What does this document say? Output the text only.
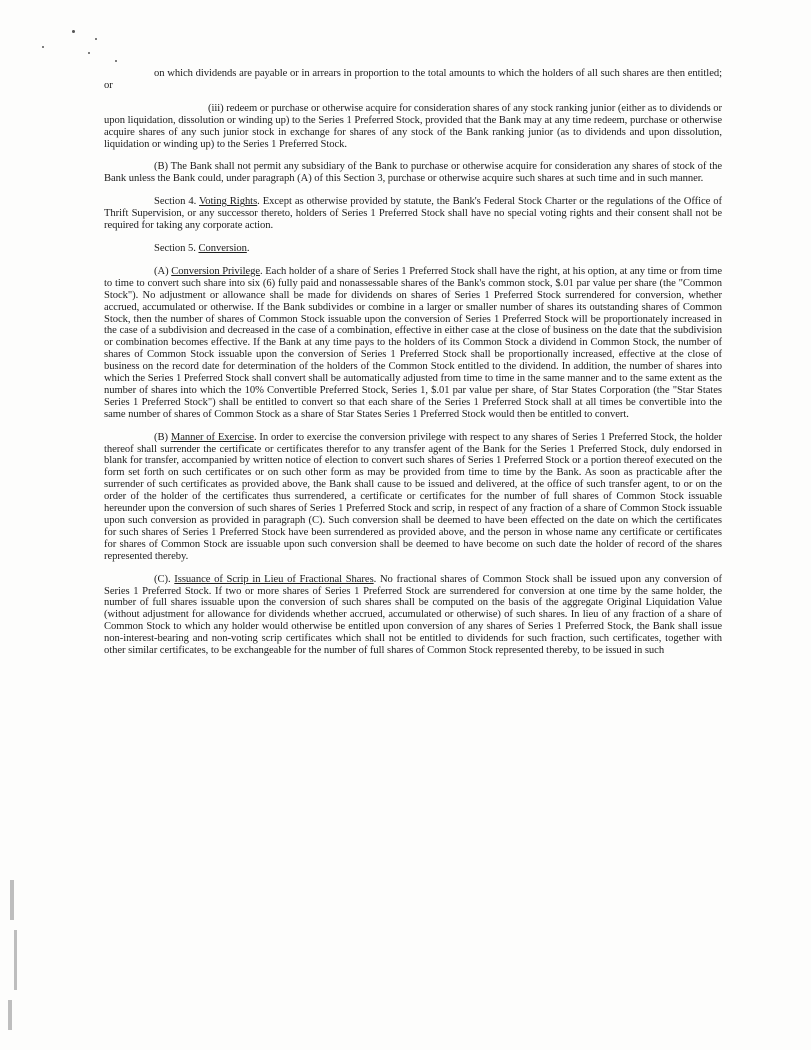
on which dividends are payable or in arrears in proportion to the total amounts to which the holders of all such shares are then entitled; or

(iii) redeem or purchase or otherwise acquire for consideration shares of any stock ranking junior (either as to dividends or upon liquidation, dissolution or winding up) to the Series 1 Preferred Stock, provided that the Bank may at any time redeem, purchase or otherwise acquire shares of any such junior stock in exchange for shares of any stock of the Bank ranking junior (as to dividends and upon dissolution, liquidation or winding up) to the Series 1 Preferred Stock.

(B) The Bank shall not permit any subsidiary of the Bank to purchase or otherwise acquire for consideration any shares of stock of the Bank unless the Bank could, under paragraph (A) of this Section 3, purchase or otherwise acquire such shares at such time and in such manner.

Section 4. Voting Rights. Except as otherwise provided by statute, the Bank's Federal Stock Charter or the regulations of the Office of Thrift Supervision, or any successor thereto, holders of Series 1 Preferred Stock shall have no special voting rights and their consent shall not be required for taking any corporate action.

Section 5. Conversion.

(A) Conversion Privilege. Each holder of a share of Series 1 Preferred Stock shall have the right, at his option, at any time or from time to time to convert such share into six (6) fully paid and nonassessable shares of the Bank's common stock, $.01 par value per share (the "Common Stock"). No adjustment or allowance shall be made for dividends on shares of Series 1 Preferred Stock surrendered for conversion, whether accrued, accumulated or otherwise. If the Bank subdivides or combine in a larger or smaller number of shares its outstanding shares of Common Stock, then the number of shares of Common Stock issuable upon the conversion of Series 1 Preferred Stock will be proportionately increased in the case of a subdivision and decreased in the case of a combination, effective in either case at the close of business on the date that the subdivision or combination becomes effective. If the Bank at any time pays to the holders of its Common Stock a dividend in Common Stock, the number of shares of Common Stock issuable upon the conversion of Series 1 Preferred Stock shall be proportionally increased, effective at the close of business on the record date for determination of the holders of the Common Stock entitled to the dividend. In addition, the number of shares into which the Series 1 Preferred Stock shall convert shall be automatically adjusted from time to time in the same manner and to the same extent as the number of shares into which the 10% Convertible Preferred Stock, Series 1, $.01 par value per share, of Star States Corporation (the "Star States Series 1 Preferred Stock") shall be entitled to convert so that each share of the Series 1 Preferred Stock shall at all times be convertible into the same number of shares of Common Stock as a share of Star States Series 1 Preferred Stock would then be entitled to convert.

(B) Manner of Exercise. In order to exercise the conversion privilege with respect to any shares of Series 1 Preferred Stock, the holder thereof shall surrender the certificate or certificates therefor to any transfer agent of the Bank for the Series 1 Preferred Stock, duly endorsed in blank for transfer, accompanied by written notice of election to convert such shares of Series 1 Preferred Stock or a portion thereof executed on the form set forth on such certificates or on such other form as may be provided from time to time by the Bank. As soon as practicable after the surrender of such certificates as provided above, the Bank shall cause to be issued and delivered, at the office of such transfer agent, to or on the order of the holder of the certificates thus surrendered, a certificate or certificates for the number of full shares of Common Stock issuable hereunder upon the conversion of such shares of Series 1 Preferred Stock and scrip, in respect of any fraction of a share of Common Stock issuable upon such conversion as provided in paragraph (C). Such conversion shall be deemed to have been effected on the date on which the certificates for such shares of Series 1 Preferred Stock have been surrendered as provided above, and the person in whose name any certificate or certificates for shares of Common Stock are issuable upon such conversion shall be deemed to have become on such date the holder of record of the shares represented thereby.

(C). Issuance of Scrip in Lieu of Fractional Shares. No fractional shares of Common Stock shall be issued upon any conversion of Series 1 Preferred Stock. If two or more shares of Series 1 Preferred Stock are surrendered for conversion at one time by the same holder, the number of full shares issuable upon the conversion of such shares shall be computed on the basis of the aggregate Original Liquidation Value (without adjustment for allowance for dividends whether accrued, accumulated or otherwise) of such shares. In lieu of any fraction of a share of Common Stock to which any holder would otherwise be entitled upon conversion of any shares of Series 1 Preferred Stock, the Bank shall issue non-interest-bearing and non-voting scrip certificates which shall not be entitled to dividends for such fraction, such certificates, together with other similar certificates, to be exchangeable for the number of full shares of Common Stock represented thereby, to be issued in such
